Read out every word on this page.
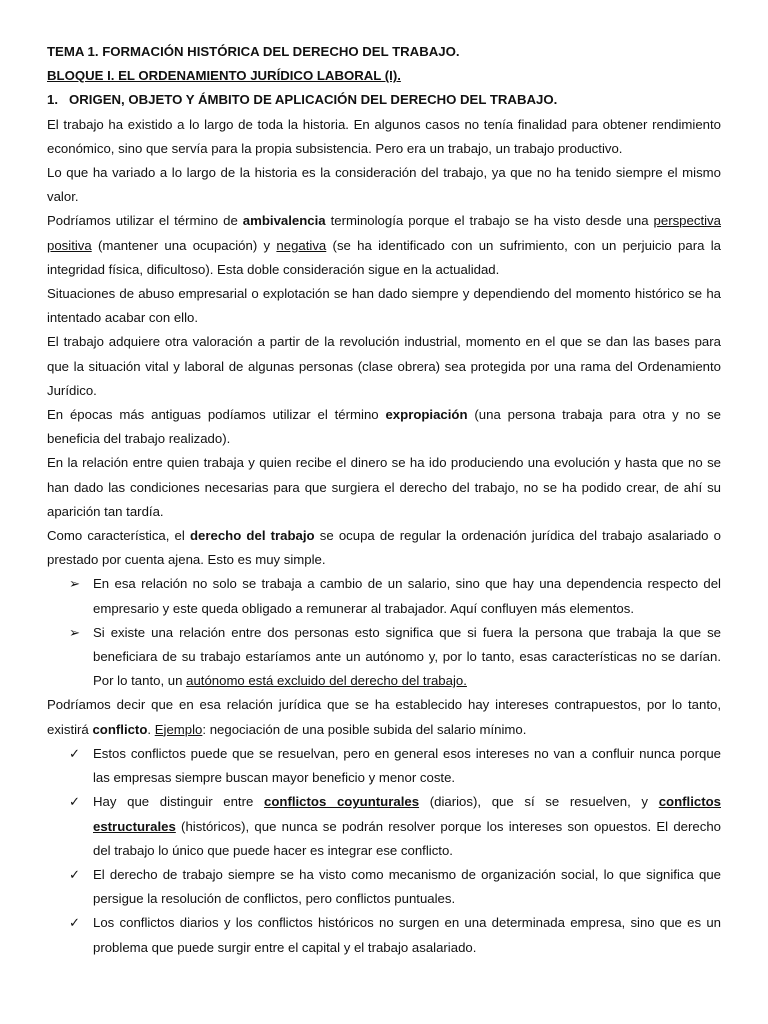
TEMA 1. FORMACIÓN HISTÓRICA DEL DERECHO DEL TRABAJO.

BLOQUE I. EL ORDENAMIENTO JURÍDICO LABORAL (I).

1. ORIGEN, OBJETO Y ÁMBITO DE APLICACIÓN DEL DERECHO DEL TRABAJO.

El trabajo ha existido a lo largo de toda la historia. En algunos casos no tenía finalidad para obtener rendimiento económico, sino que servía para la propia subsistencia. Pero era un trabajo, un trabajo productivo.

Lo que ha variado a lo largo de la historia es la consideración del trabajo, ya que no ha tenido siempre el mismo valor.

Podríamos utilizar el término de ambivalencia terminología porque el trabajo se ha visto desde una perspectiva positiva (mantener una ocupación) y negativa (se ha identificado con un sufrimiento, con un perjuicio para la integridad física, dificultoso). Esta doble consideración sigue en la actualidad.

Situaciones de abuso empresarial o explotación se han dado siempre y dependiendo del momento histórico se ha intentado acabar con ello.

El trabajo adquiere otra valoración a partir de la revolución industrial, momento en el que se dan las bases para que la situación vital y laboral de algunas personas (clase obrera) sea protegida por una rama del Ordenamiento Jurídico.

En épocas más antiguas podíamos utilizar el término expropiación (una persona trabaja para otra y no se beneficia del trabajo realizado).

En la relación entre quien trabaja y quien recibe el dinero se ha ido produciendo una evolución y hasta que no se han dado las condiciones necesarias para que surgiera el derecho del trabajo, no se ha podido crear, de ahí su aparición tan tardía.

Como característica, el derecho del trabajo se ocupa de regular la ordenación jurídica del trabajo asalariado o prestado por cuenta ajena. Esto es muy simple.

➢ En esa relación no solo se trabaja a cambio de un salario, sino que hay una dependencia respecto del empresario y este queda obligado a remunerar al trabajador. Aquí confluyen más elementos.
➢ Si existe una relación entre dos personas esto significa que si fuera la persona que trabaja la que se beneficiara de su trabajo estaríamos ante un autónomo y, por lo tanto, esas características no se darían. Por lo tanto, un autónomo está excluido del derecho del trabajo.

Podríamos decir que en esa relación jurídica que se ha establecido hay intereses contrapuestos, por lo tanto, existirá conflicto. Ejemplo: negociación de una posible subida del salario mínimo.

✓ Estos conflictos puede que se resuelvan, pero en general esos intereses no van a confluir nunca porque las empresas siempre buscan mayor beneficio y menor coste.
✓ Hay que distinguir entre conflictos coyunturales (diarios), que sí se resuelven, y conflictos estructurales (históricos), que nunca se podrán resolver porque los intereses son opuestos. El derecho del trabajo lo único que puede hacer es integrar ese conflicto.
✓ El derecho de trabajo siempre se ha visto como mecanismo de organización social, lo que significa que persigue la resolución de conflictos, pero conflictos puntuales.
✓ Los conflictos diarios y los conflictos históricos no surgen en una determinada empresa, sino que es un problema que puede surgir entre el capital y el trabajo asalariado.
